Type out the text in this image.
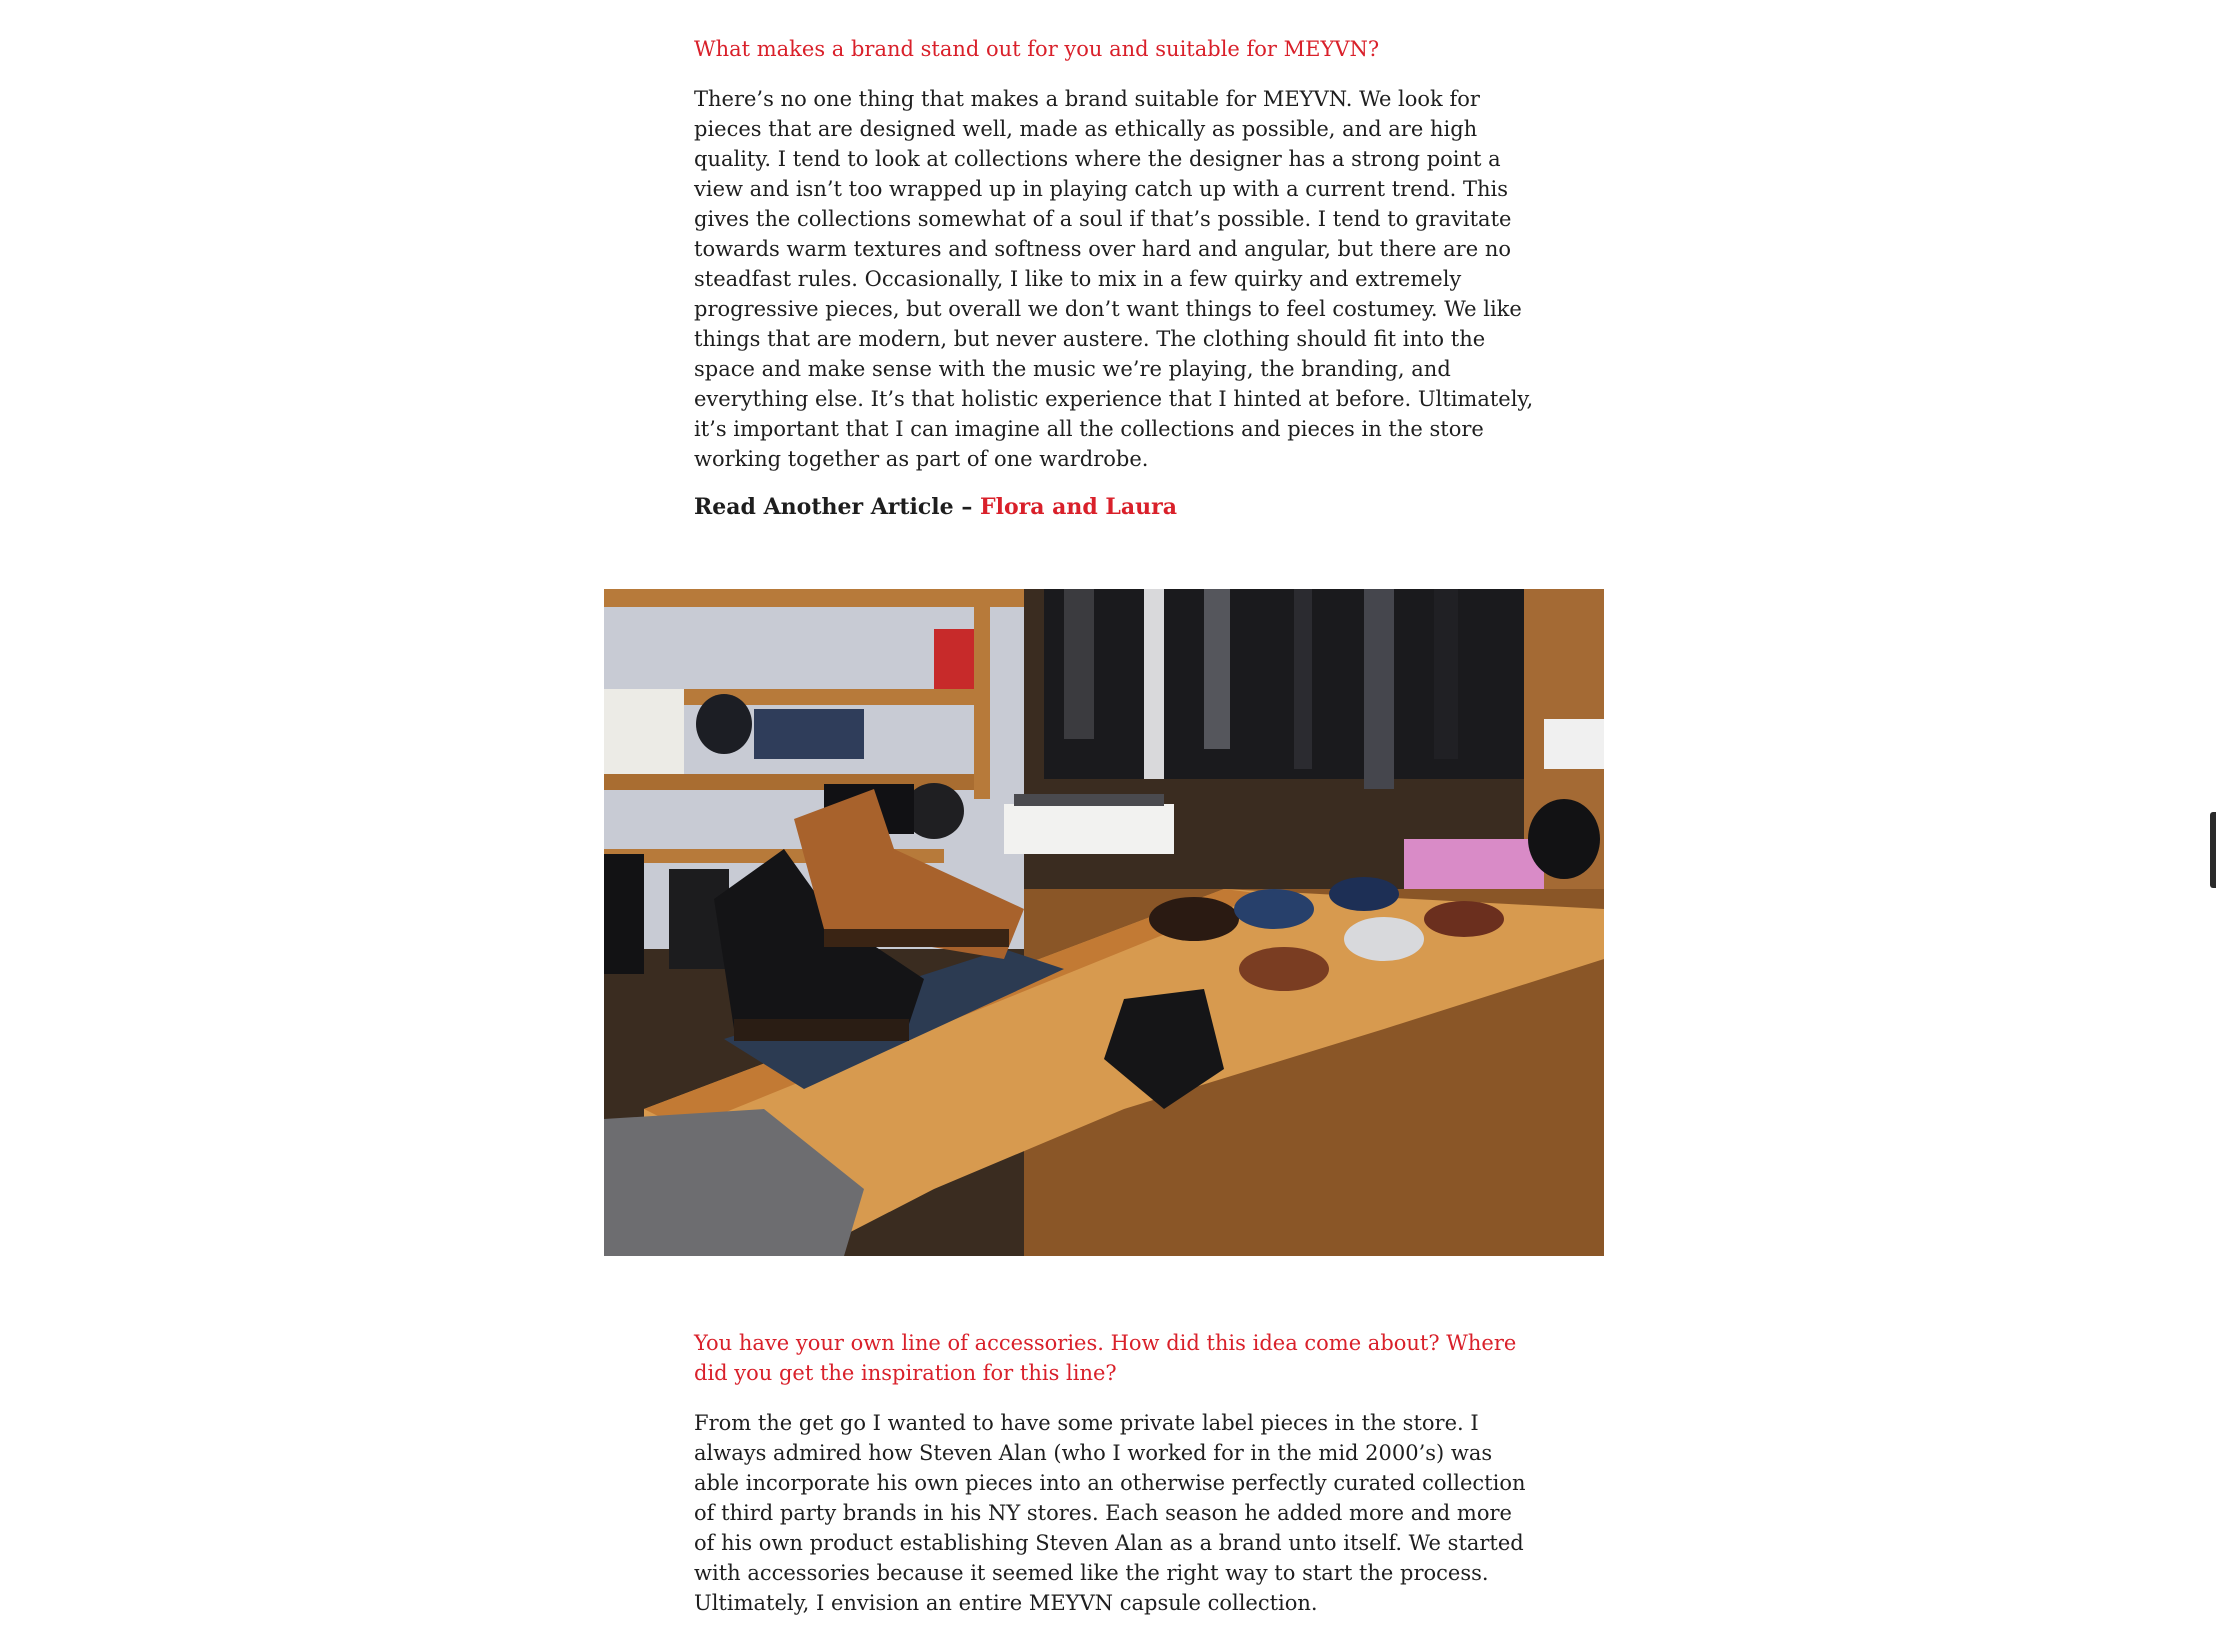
What makes a brand stand out for you and suitable for MEYVN?

There’s no one thing that makes a brand suitable for MEYVN. We look for pieces that are designed well, made as ethically as possible, and are high quality. I tend to look at collections where the designer has a strong point a view and isn’t too wrapped up in playing catch up with a current trend. This gives the collections somewhat of a soul if that’s possible. I tend to gravitate towards warm textures and softness over hard and angular, but there are no steadfast rules. Occasionally, I like to mix in a few quirky and extremely progressive pieces, but overall we don’t want things to feel costumey. We like things that are modern, but never austere. The clothing should fit into the space and make sense with the music we’re playing, the branding, and everything else. It’s that holistic experience that I hinted at before. Ultimately, it’s important that I can imagine all the collections and pieces in the store working together as part of one wardrobe.

Read Another Article – Flora and Laura

You have your own line of accessories. How did this idea come about? Where did you get the inspiration for this line?

From the get go I wanted to have some private label pieces in the store. I always admired how Steven Alan (who I worked for in the mid 2000’s) was able incorporate his own pieces into an otherwise perfectly curated collection of third party brands in his NY stores. Each season he added more and more of his own product establishing Steven Alan as a brand unto itself. We started with accessories because it seemed like the right way to start the process. Ultimately, I envision an entire MEYVN capsule collection.
